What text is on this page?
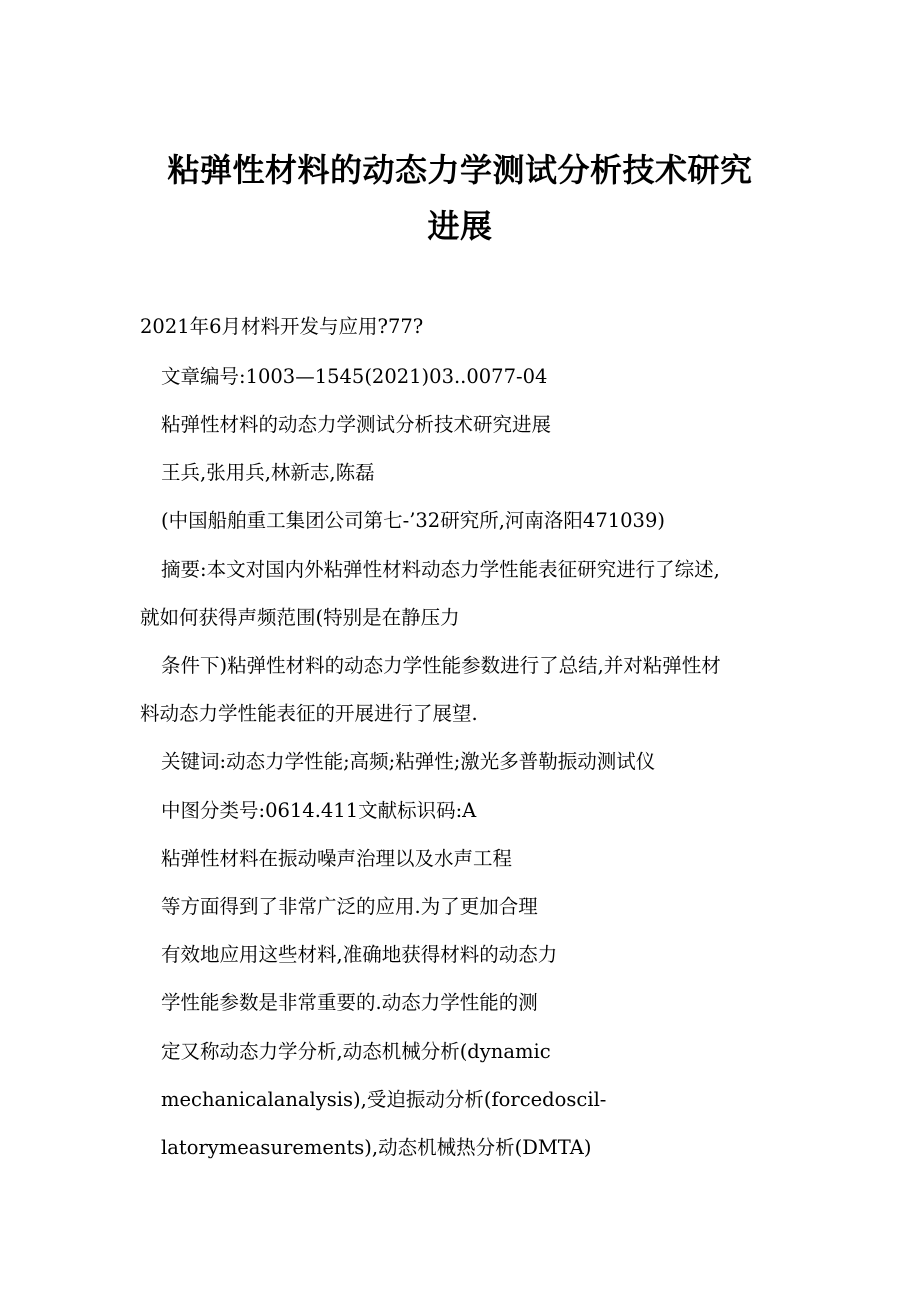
粘弹性材料的动态力学测试分析技术研究
进展
2021年6月材料开发与应用?77?
文章编号:1003—1545(2021)03..0077-04
粘弹性材料的动态力学测试分析技术研究进展
王兵,张用兵,林新志,陈磊
(中国船舶重工集团公司第七-’32研究所,河南洛阳471039)
摘要:本文对国内外粘弹性材料动态力学性能表征研究进行了综述,
就如何获得声频范围(特别是在静压力
条件下)粘弹性材料的动态力学性能参数进行了总结,并对粘弹性材
料动态力学性能表征的开展进行了展望.
关键词:动态力学性能;高频;粘弹性;激光多普勒振动测试仪
中图分类号:0614.411文献标识码:A
粘弹性材料在振动噪声治理以及水声工程
等方面得到了非常广泛的应用.为了更加合理
有效地应用这些材料,准确地获得材料的动态力
学性能参数是非常重要的.动态力学性能的测
定又称动态力学分析,动态机械分析(dynamic
mechanicalanalysis),受迫振动分析(forcedoscil-
latorymeasurements),动态机械热分析(DMTA)
